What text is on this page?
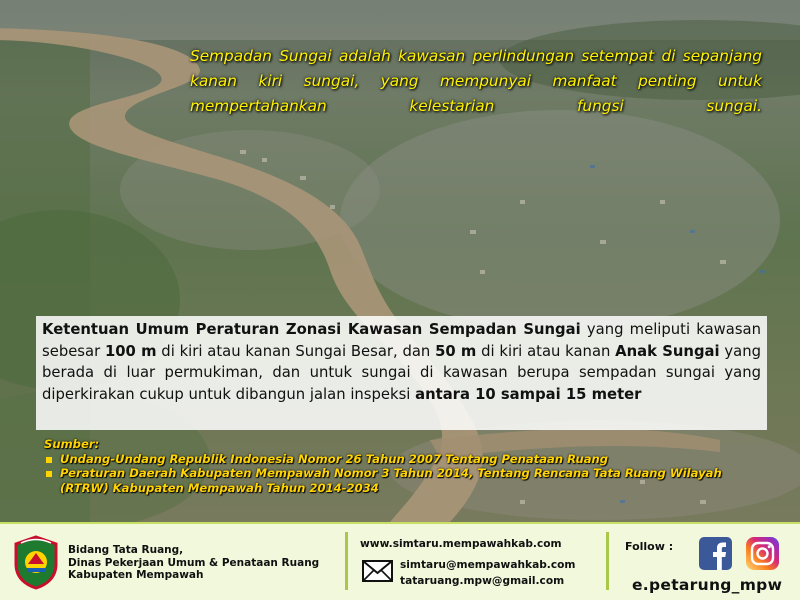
Sempadan Sungai adalah kawasan perlindungan setempat di sepanjang kanan kiri sungai, yang mempunyai manfaat penting untuk mempertahankan kelestarian fungsi sungai.

Ketentuan Umum Peraturan Zonasi Kawasan Sempadan Sungai yang meliputi kawasan sebesar 100 m di kiri atau kanan Sungai Besar, dan 50 m di kiri atau kanan Anak Sungai yang berada di luar permukiman, dan untuk sungai di kawasan berupa sempadan sungai yang diperkirakan cukup untuk dibangun jalan inspeksi antara 10 sampai 15 meter

Sumber:
Undang-Undang Republik Indonesia Nomor 26 Tahun 2007 Tentang Penataan Ruang
Peraturan Daerah Kabupaten Mempawah Nomor 3 Tahun 2014, Tentang Rencana Tata Ruang Wilayah (RTRW) Kabupaten Mempawah Tahun 2014-2034
Bidang Tata Ruang,
Dinas Pekerjaan Umum & Penataan Ruang
Kabupaten Mempawah
www.simtaru.mempawahkab.com
simtaru@mempawahkab.com
tataruang.mpw@gmail.com
Follow :
e.petarung_mpw
